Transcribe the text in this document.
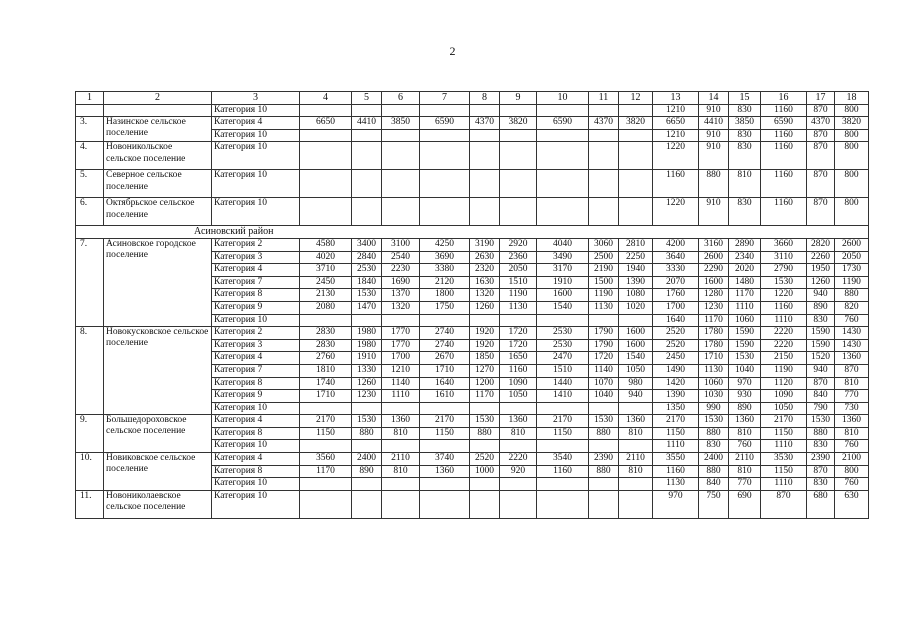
2
1	2	3	4	5	6	7	8	9	10	11	12	13	14	15	16	17	18
		Категория 10										1210	910	830	1160	870	800
3.	Назинское сельское поселение	Категория 4	6650	4410	3850	6590	4370	3820	6590	4370	3820	6650	4410	3850	6590	4370	3820
		Категория 10										1210	910	830	1160	870	800
4.	Новоникольское сельское поселение	Категория 10										1220	910	830	1160	870	800
5.	Северное сельское поселение	Категория 10										1160	880	810	1160	870	800
6.	Октябрьское сельское поселение	Категория 10										1220	910	830	1160	870	800
Асиновский район																	
7.	Асиновское городское поселение	Категория 2	4580	3400	3100	4250	3190	2920	4040	3060	2810	4200	3160	2890	3660	2820	2600
		Категория 3	4020	2840	2540	3690	2630	2360	3490	2500	2250	3640	2600	2340	3110	2260	2050
		Категория 4	3710	2530	2230	3380	2320	2050	3170	2190	1940	3330	2290	2020	2790	1950	1730
		Категория 7	2450	1840	1690	2120	1630	1510	1910	1500	1390	2070	1600	1480	1530	1260	1190
		Категория 8	2130	1530	1370	1800	1320	1190	1600	1190	1080	1760	1280	1170	1220	940	880
		Категория 9	2080	1470	1320	1750	1260	1130	1540	1130	1020	1700	1230	1110	1160	890	820
		Категория 10										1640	1170	1060	1110	830	760
8.	Новокусковское сельское поселение	Категория 2	2830	1980	1770	2740	1920	1720	2530	1790	1600	2520	1780	1590	2220	1590	1430
		Категория 3	2830	1980	1770	2740	1920	1720	2530	1790	1600	2520	1780	1590	2220	1590	1430
		Категория 4	2760	1910	1700	2670	1850	1650	2470	1720	1540	2450	1710	1530	2150	1520	1360
		Категория 7	1810	1330	1210	1710	1270	1160	1510	1140	1050	1490	1130	1040	1190	940	870
		Категория 8	1740	1260	1140	1640	1200	1090	1440	1070	980	1420	1060	970	1120	870	810
		Категория 9	1710	1230	1110	1610	1170	1050	1410	1040	940	1390	1030	930	1090	840	770
		Категория 10										1350	990	890	1050	790	730
9.	Большедороховское сельское поселение	Категория 4	2170	1530	1360	2170	1530	1360	2170	1530	1360	2170	1530	1360	2170	1530	1360
		Категория 8	1150	880	810	1150	880	810	1150	880	810	1150	880	810	1150	880	810
		Категория 10										1110	830	760	1110	830	760
10.	Новиковское сельское поселение	Категория 4	3560	2400	2110	3740	2520	2220	3540	2390	2110	3550	2400	2110	3530	2390	2100
		Категория 8	1170	890	810	1360	1000	920	1160	880	810	1160	880	810	1150	870	800
		Категория 10										1130	840	770	1110	830	760
11.	Новониколаевское сельское поселение	Категория 10										970	750	690	870	680	630
